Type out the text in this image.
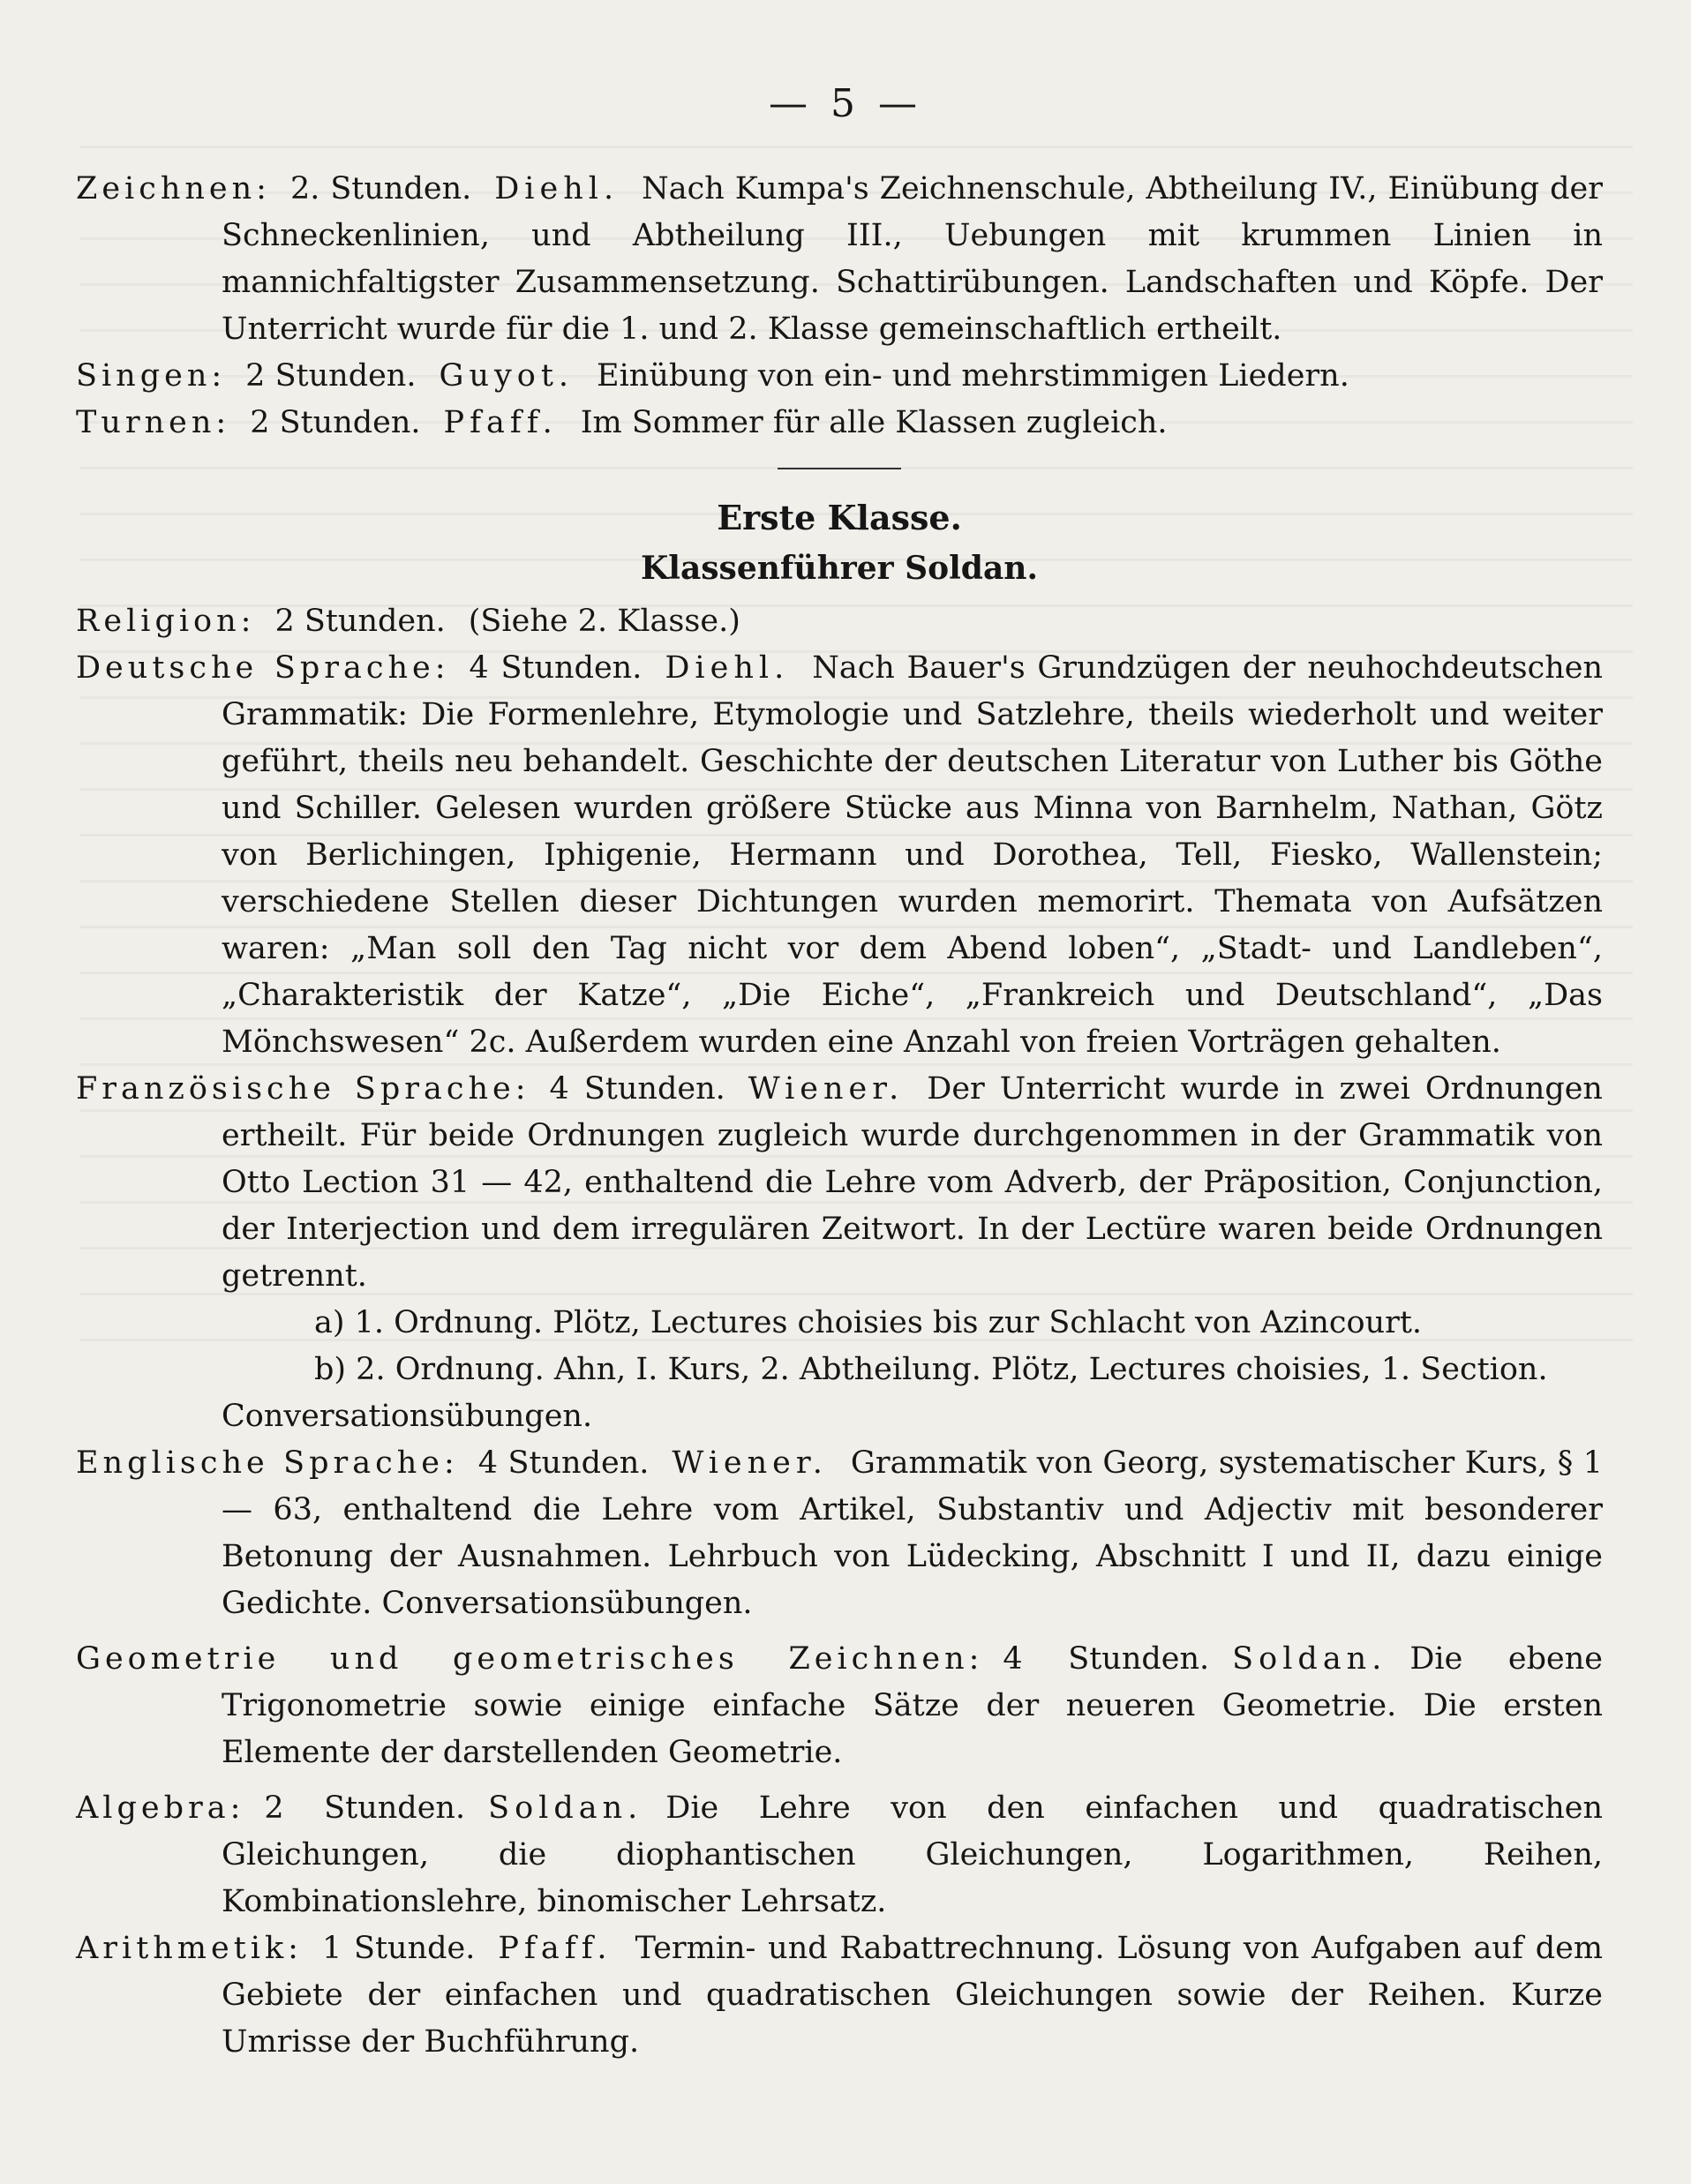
— 5 —

Zeichnen: 2. Stunden. Diehl. Nach Kumpa's Zeichnenschule, Abtheilung IV., Einübung der Schneckenlinien, und Abtheilung III., Uebungen mit krummen Linien in mannichfaltigster Zusammensetzung. Schattirübungen. Landschaften und Köpfe. Der Unterricht wurde für die 1. und 2. Klasse gemeinschaftlich ertheilt.

Singen: 2 Stunden. Guyot. Einübung von ein- und mehrstimmigen Liedern.

Turnen: 2 Stunden. Pfaff. Im Sommer für alle Klassen zugleich.

Erste Klasse.
Klassenführer Soldan.

Religion: 2 Stunden. (Siehe 2. Klasse.)

Deutsche Sprache: 4 Stunden. Diehl. Nach Bauer's Grundzügen der neuhochdeutschen Grammatik: Die Formenlehre, Etymologie und Satzlehre, theils wiederholt und weiter geführt, theils neu behandelt. Geschichte der deutschen Literatur von Luther bis Göthe und Schiller. Gelesen wurden größere Stücke aus Minna von Barnhelm, Nathan, Götz von Berlichingen, Iphigenie, Hermann und Dorothea, Tell, Fiesko, Wallenstein; verschiedene Stellen dieser Dichtungen wurden memorirt. Themata von Aufsätzen waren: „Man soll den Tag nicht vor dem Abend loben“, „Stadt- und Landleben“, „Charakteristik der Katze“, „Die Eiche“, „Frankreich und Deutschland“, „Das Mönchswesen“ 2c. Außerdem wurden eine Anzahl von freien Vorträgen gehalten.

Französische Sprache: 4 Stunden. Wiener. Der Unterricht wurde in zwei Ordnungen ertheilt. Für beide Ordnungen zugleich wurde durchgenommen in der Grammatik von Otto Lection 31 — 42, enthaltend die Lehre vom Adverb, der Präposition, Conjunction, der Interjection und dem irregulären Zeitwort. In der Lectüre waren beide Ordnungen getrennt.

a) 1. Ordnung. Plötz, Lectures choisies bis zur Schlacht von Azincourt.

b) 2. Ordnung. Ahn, I. Kurs, 2. Abtheilung. Plötz, Lectures choisies, 1. Section.

Conversationsübungen.

Englische Sprache: 4 Stunden. Wiener. Grammatik von Georg, systematischer Kurs, § 1 — 63, enthaltend die Lehre vom Artikel, Substantiv und Adjectiv mit besonderer Betonung der Ausnahmen. Lehrbuch von Lüdecking, Abschnitt I und II, dazu einige Gedichte. Conversationsübungen.

Geometrie und geometrisches Zeichnen: 4 Stunden. Soldan. Die ebene Trigonometrie sowie einige einfache Sätze der neueren Geometrie. Die ersten Elemente der darstellenden Geometrie.

Algebra: 2 Stunden. Soldan. Die Lehre von den einfachen und quadratischen Gleichungen, die diophantischen Gleichungen, Logarithmen, Reihen, Kombinationslehre, binomischer Lehrsatz.

Arithmetik: 1 Stunde. Pfaff. Termin- und Rabattrechnung. Lösung von Aufgaben auf dem Gebiete der einfachen und quadratischen Gleichungen sowie der Reihen. Kurze Umrisse der Buchführung.
